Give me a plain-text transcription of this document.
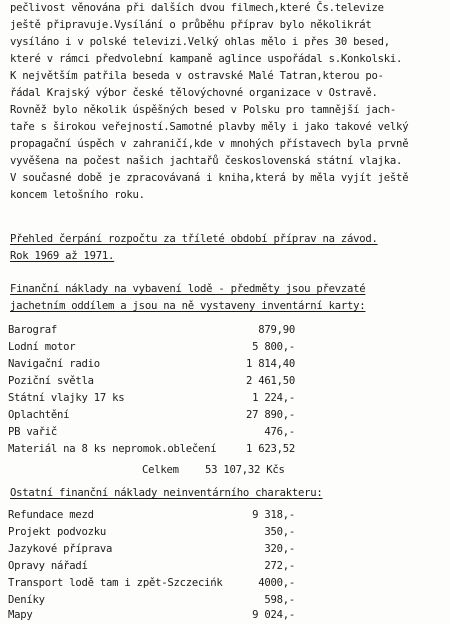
pečlivost věnována při dalších dvou filmech,které Čs.televize
ještě připravuje.Vysílání o průběhu příprav bylo několikrát
vysíláno i v polské televizi.Velký ohlas mělo i přes 30 besed,
které v rámci předvolební kampaně aglince uspořádal s.Konkolski.
K největším patřila beseda v ostravské Malé Tatran,kterou po-
řádal Krajský výbor české tělovýchovné organizace v Ostravě.
Rovněž bylo několik úspěšných besed v Polsku pro tamnější jach-
taře s širokou veřejností.Samotné plavby měly i jako takové velký
propagační úspěch v zahraničí,kde v mnohých přístavech byla prvně
vyvěšena na počest našich jachtařů československá státní vlajka.
V současné době je zpracovávaná i kniha,která by měla vyjít ještě
koncem letošního roku.
Přehled čerpání rozpočtu za tříleté období příprav na závod.
Rok 1969 až 1971.
Finanční náklady na vybavení lodě - předměty jsou převzaté
jachetním oddílem a jsou na ně vystaveny inventární karty:
Barograf	879,90
Lodní motor	5 800,-
Navigační radio	1 814,40
Poziční světla	2 461,50
Státní vlajky 17 ks	1 224,-
Oplachtění	27 890,-
PB vařič	476,-
Materiál na 8 ks nepromok.oblečení	1 623,52
Celkem 53 107,32 Kčs
Ostatní finanční náklady neinventárního charakteru:
Refundace mezd	9 318,-
Projekt podvozku	350,-
Jazykové příprava	320,-
Opravy nářadí	272,-
Transport lodě tam i zpět-Szczecińk	4000,-
Deníky	598,-
Mapy	9 024,-
